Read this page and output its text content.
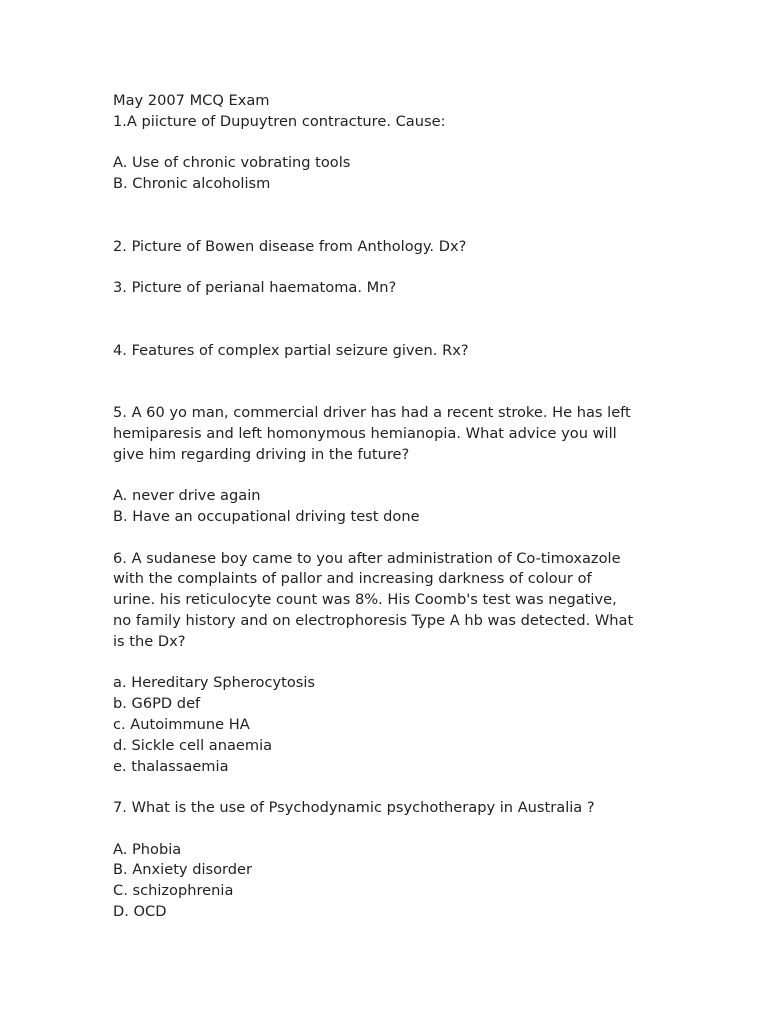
May 2007 MCQ Exam
1.A piicture of Dupuytren contracture. Cause:
A. Use of chronic vobrating tools
B. Chronic alcoholism
2. Picture of Bowen disease from Anthology. Dx?
3. Picture of perianal haematoma. Mn?
4. Features of complex partial seizure given. Rx?
5. A 60 yo man, commercial driver has had a recent stroke. He has left
hemiparesis and left homonymous hemianopia. What advice you will
give him regarding driving in the future?
A. never drive again
B. Have an occupational driving test done
6. A sudanese boy came to you after administration of Co-timoxazole
with the complaints of pallor and increasing darkness of colour of
urine. his reticulocyte count was 8%. His Coomb's test was negative,
no family history and on electrophoresis Type A hb was detected. What
is the Dx?
a. Hereditary Spherocytosis
b. G6PD def
c. Autoimmune HA
d. Sickle cell anaemia
e. thalassaemia
7. What is the use of Psychodynamic psychotherapy in Australia ?
A. Phobia
B. Anxiety disorder
C. schizophrenia
D. OCD
